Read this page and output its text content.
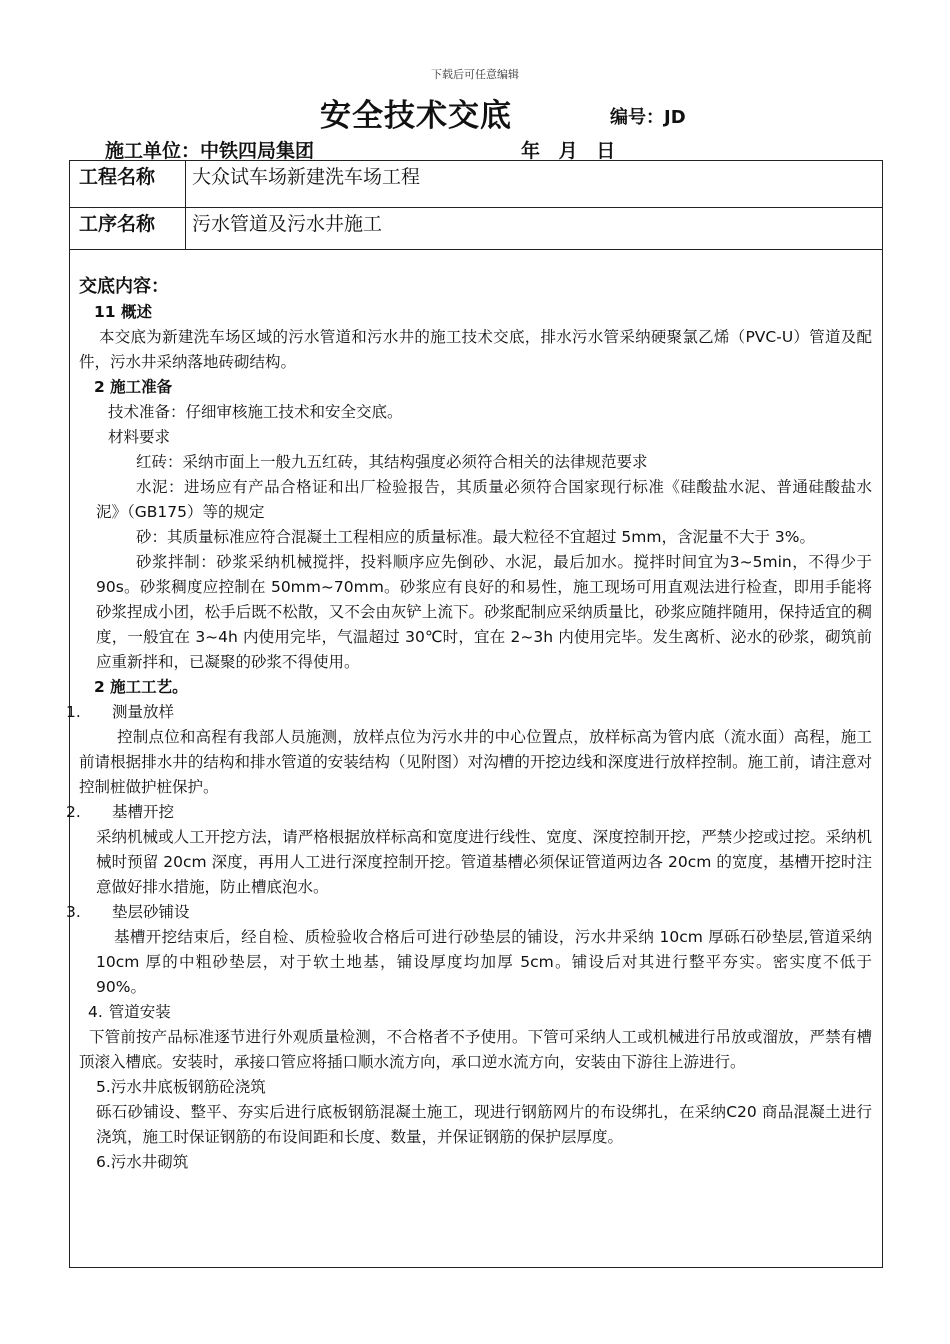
下载后可任意编辑
安全技术交底	编号：JD
施工单位：中铁四局集团	年 月 日
工程名称 大众试车场新建洗车场工程
工序名称 污水管道及污水井施工

交底内容：

11 概述

本交底为新建洗车场区域的污水管道和污水井的施工技术交底，排水污水管采纳硬聚氯乙烯（PVC-U）管道及配件，污水井采纳落地砖砌结构。

2 施工准备

技术准备：仔细审核施工技术和安全交底。

材料要求

红砖：采纳市面上一般九五红砖，其结构强度必须符合相关的法律规范要求

水泥：进场应有产品合格证和出厂检验报告，其质量必须符合国家现行标准《硅酸盐水泥、普通硅酸盐水泥》（GB175）等的规定

砂：其质量标准应符合混凝土工程相应的质量标准。最大粒径不宜超过 5mm，含泥量不大于 3%。

砂浆拌制：砂浆采纳机械搅拌，投料顺序应先倒砂、水泥，最后加水。搅拌时间宜为3~5min，不得少于 90s。砂浆稠度应控制在 50mm~70mm。砂浆应有良好的和易性，施工现场可用直观法进行检查，即用手能将砂浆捏成小团，松手后既不松散，又不会由灰铲上流下。砂浆配制应采纳质量比，砂浆应随拌随用，保持适宜的稠度，一般宜在 3~4h 内使用完毕，气温超过 30℃时，宜在 2~3h 内使用完毕。发生离析、泌水的砂浆，砌筑前应重新拌和，已凝聚的砂浆不得使用。

2 施工工艺。

1. 测量放样

控制点位和高程有我部人员施测，放样点位为污水井的中心位置点，放样标高为管内底（流水面）高程，施工前请根据排水井的结构和排水管道的安装结构（见附图）对沟槽的开挖边线和深度进行放样控制。施工前，请注意对控制桩做护桩保护。

2. 基槽开挖

采纳机械或人工开挖方法，请严格根据放样标高和宽度进行线性、宽度、深度控制开挖，严禁少挖或过挖。采纳机械时预留 20cm 深度，再用人工进行深度控制开挖。管道基槽必须保证管道两边各 20cm 的宽度，基槽开挖时注意做好排水措施，防止槽底泡水。

3. 垫层砂铺设

基槽开挖结束后，经自检、质检验收合格后可进行砂垫层的铺设，污水井采纳 10cm 厚砾石砂垫层,管道采纳 10cm 厚的中粗砂垫层，对于软土地基，铺设厚度均加厚 5cm。铺设后对其进行整平夯实。密实度不低于 90%。

4. 管道安装

下管前按产品标准逐节进行外观质量检测，不合格者不予使用。下管可采纳人工或机械进行吊放或溜放，严禁有槽顶滚入槽底。安装时，承接口管应将插口顺水流方向，承口逆水流方向，安装由下游往上游进行。

5.污水井底板钢筋砼浇筑

砾石砂铺设、整平、夯实后进行底板钢筋混凝土施工，现进行钢筋网片的布设绑扎，在采纳C20 商品混凝土进行浇筑，施工时保证钢筋的布设间距和长度、数量，并保证钢筋的保护层厚度。

6.污水井砌筑
